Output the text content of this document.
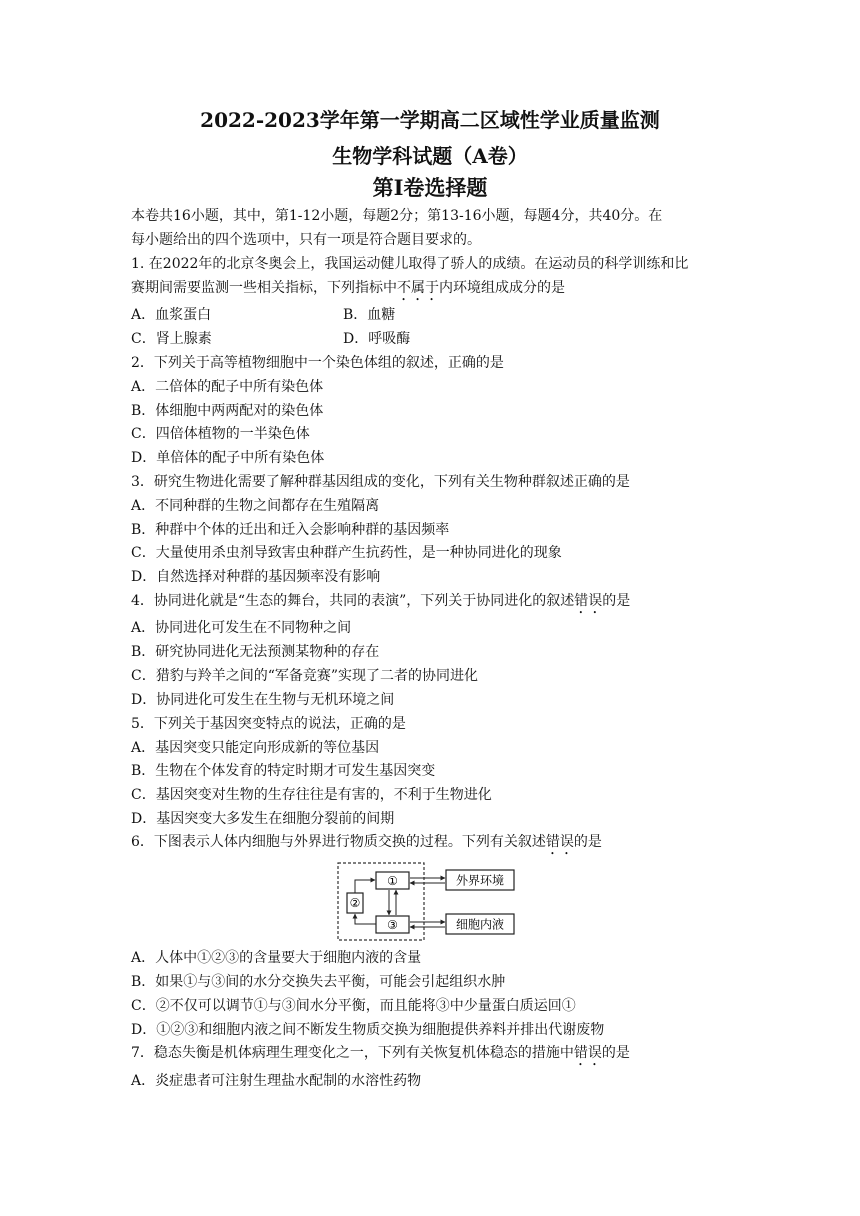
2022-2023学年第一学期高二区域性学业质量监测
生物学科试题（A卷）
第Ⅰ卷选择题
本卷共16小题，其中，第1-12小题，每题2分；第13-16小题，每题4分，共40分。在
每小题给出的四个选项中，只有一项是符合题目要求的。
1. 在2022年的北京冬奥会上，我国运动健儿取得了骄人的成绩。在运动员的科学训练和比
赛期间需要监测一些相关指标，下列指标中不属于内环境组成成分的是
A．血浆蛋白	B．血糖
C．肾上腺素	D．呼吸酶
2．下列关于高等植物细胞中一个染色体组的叙述，正确的是
A．二倍体的配子中所有染色体
B．体细胞中两两配对的染色体
C．四倍体植物的一半染色体
D．单倍体的配子中所有染色体
3．研究生物进化需要了解种群基因组成的变化，下列有关生物种群叙述正确的是
A．不同种群的生物之间都存在生殖隔离
B．种群中个体的迁出和迁入会影响种群的基因频率
C．大量使用杀虫剂导致害虫种群产生抗药性，是一种协同进化的现象
D．自然选择对种群的基因频率没有影响
4．协同进化就是“生态的舞台，共同的表演”，下列关于协同进化的叙述错误的是
A．协同进化可发生在不同物种之间
B．研究协同进化无法预测某物种的存在
C．猎豹与羚羊之间的“军备竞赛”实现了二者的协同进化
D．协同进化可发生在生物与无机环境之间
5．下列关于基因突变特点的说法，正确的是
A．基因突变只能定向形成新的等位基因
B．生物在个体发育的特定时期才可发生基因突变
C．基因突变对生物的生存往往是有害的，不利于生物进化
D．基因突变大多发生在细胞分裂前的间期
6．下图表示人体内细胞与外界进行物质交换的过程。下列有关叙述错误的是
①
②
③
外界环境
细胞内液
A．人体中①②③的含量要大于细胞内液的含量
B．如果①与③间的水分交换失去平衡，可能会引起组织水肿
C．②不仅可以调节①与③间水分平衡，而且能将③中少量蛋白质运回①
D．①②③和细胞内液之间不断发生物质交换为细胞提供养料并排出代谢废物
7．稳态失衡是机体病理生理变化之一，下列有关恢复机体稳态的措施中错误的是
A．炎症患者可注射生理盐水配制的水溶性药物
